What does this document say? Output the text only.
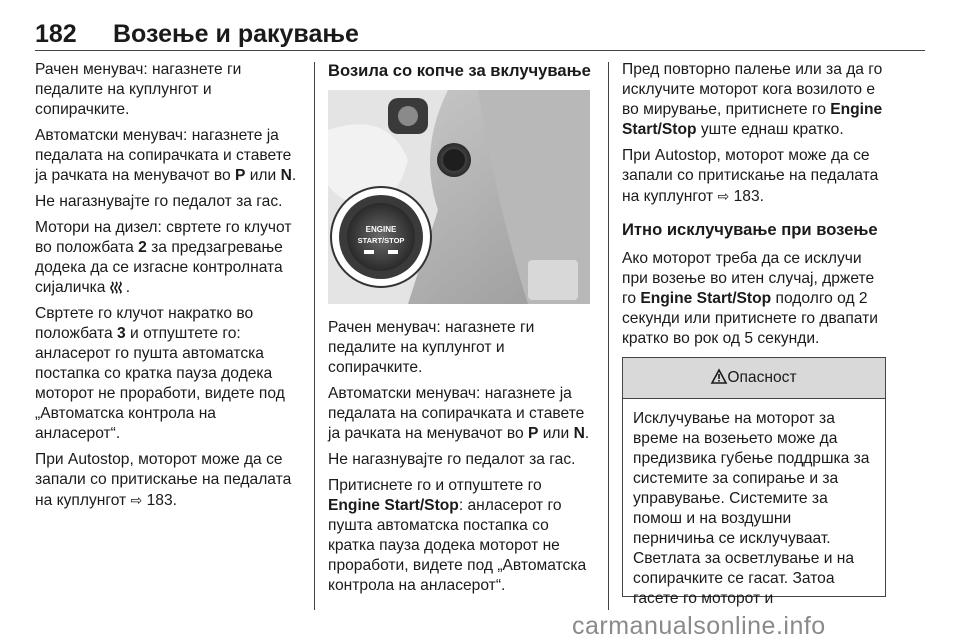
182 Возење и ракување

Рачен менувач: нагазнете ги педалите на куплунгот и сопирачките.

Автоматски менувач: нагазнете ја педалата на сопирачката и ставете ја рачката на менувачот во P или N.

Не нагазнувајте го педалот за гас.

Мотори на дизел: свртете го клучот во положбата 2 за предзагревање додека да се изгасне контролната сијаличка .

Свртете го клучот накратко во положбата 3 и отпуштете го: анласерот го пушта автоматска постапка со кратка пауза додека моторот не проработи, видете под „Автоматска контрола на анласерот“.

При Autostop, моторот може да се запали со притискање на педалата на куплунгот ⇨ 183.

Возила со копче за вклучување
ENGINE
START/STOP

Рачен менувач: нагазнете ги педалите на куплунгот и сопирачките.

Автоматски менувач: нагазнете ја педалата на сопирачката и ставете ја рачката на менувачот во P или N.

Не нагазнувајте го педалот за гас.

Притиснете го и отпуштете го Engine Start/Stop: анласерот го пушта автоматска постапка со кратка пауза додека моторот не проработи, видете под „Автоматска контрола на анласерот“.

Пред повторно палење или за да го исклучите моторот кога возилото е во мирување, притиснете го Engine Start/Stop уште еднаш кратко.

При Autostop, моторот може да се запали со притискање на педалата на куплунгот ⇨ 183.

Итно исклучување при возење

Ако моторот треба да се исклучи при возење во итен случај, држете го Engine Start/Stop подолго од 2 секунди или притиснете го двапати кратко во рок од 5 секунди.

Опасност
Исклучување на моторот за време на возењето може да предизвика губење поддршка за системите за сопирање и за управување. Системите за помош и на воздушни перничиња се исклучуваат. Светлата за осветлување и на сопирачките се гасат. Затоа гасете го моторот и
carmanualsonline.info
